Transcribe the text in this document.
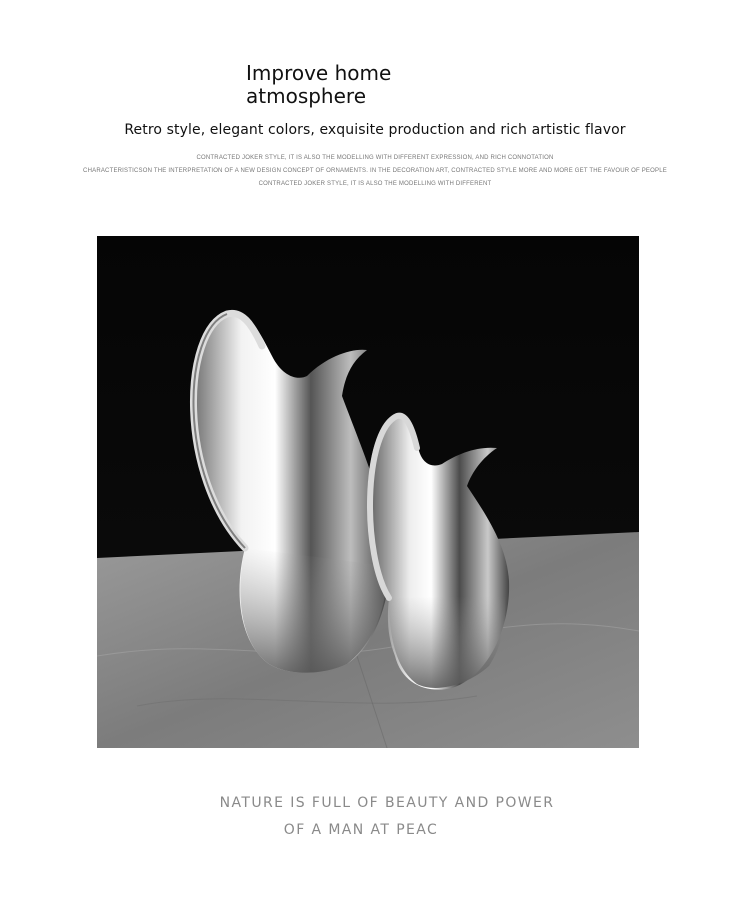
Improve home
atmosphere
Retro style, elegant colors, exquisite production and rich artistic flavor
CONTRACTED JOKER STYLE, IT IS ALSO THE MODELLING WITH DIFFERENT EXPRESSION, AND RICH CONNOTATION
CHARACTERISTICSON THE INTERPRETATION OF A NEW DESIGN CONCEPT OF ORNAMENTS. IN THE DECORATION ART, CONTRACTED STYLE MORE AND MORE GET THE FAVOUR OF PEOPLE
CONTRACTED JOKER STYLE, IT IS ALSO THE MODELLING WITH DIFFERENT
NATURE IS FULL OF BEAUTY AND POWER
OF A MAN AT PEAC
